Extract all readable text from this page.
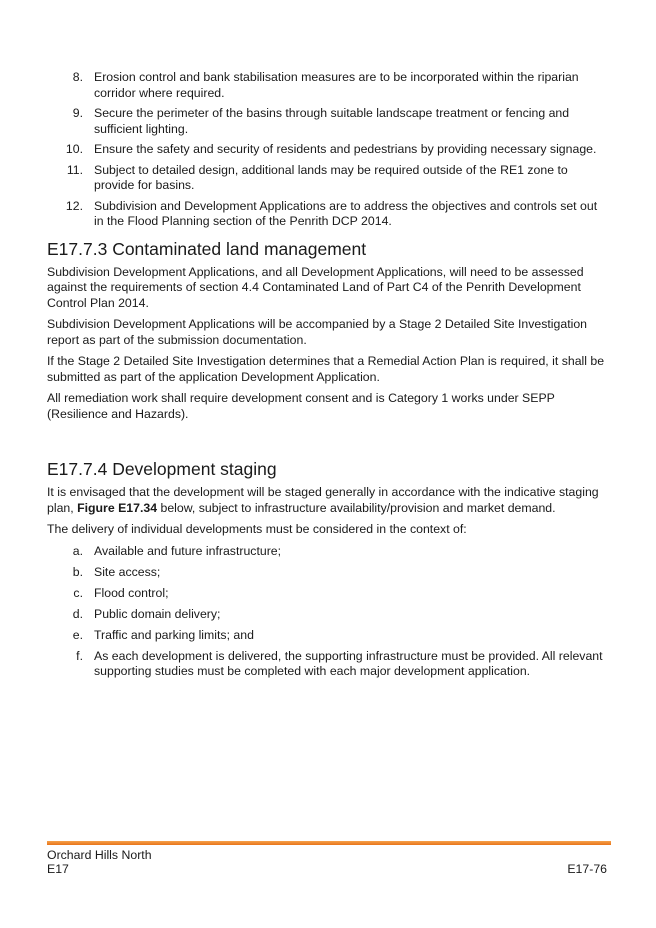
8. Erosion control and bank stabilisation measures are to be incorporated within the riparian corridor where required.
9. Secure the perimeter of the basins through suitable landscape treatment or fencing and sufficient lighting.
10. Ensure the safety and security of residents and pedestrians by providing necessary signage.
11. Subject to detailed design, additional lands may be required outside of the RE1 zone to provide for basins.
12. Subdivision and Development Applications are to address the objectives and controls set out in the Flood Planning section of the Penrith DCP 2014.
E17.7.3 Contaminated land management

Subdivision Development Applications, and all Development Applications, will need to be assessed against the requirements of section 4.4 Contaminated Land of Part C4 of the Penrith Development Control Plan 2014.

Subdivision Development Applications will be accompanied by a Stage 2 Detailed Site Investigation report as part of the submission documentation.

If the Stage 2 Detailed Site Investigation determines that a Remedial Action Plan is required, it shall be submitted as part of the application Development Application.

All remediation work shall require development consent and is Category 1 works under SEPP (Resilience and Hazards).

E17.7.4 Development staging

It is envisaged that the development will be staged generally in accordance with the indicative staging plan, Figure E17.34 below, subject to infrastructure availability/provision and market demand.

The delivery of individual developments must be considered in the context of:

a. Available and future infrastructure;
b. Site access;
c. Flood control;
d. Public domain delivery;
e. Traffic and parking limits; and
f. As each development is delivered, the supporting infrastructure must be provided. All relevant supporting studies must be completed with each major development application.
Orchard Hills North
E17	E17-76
